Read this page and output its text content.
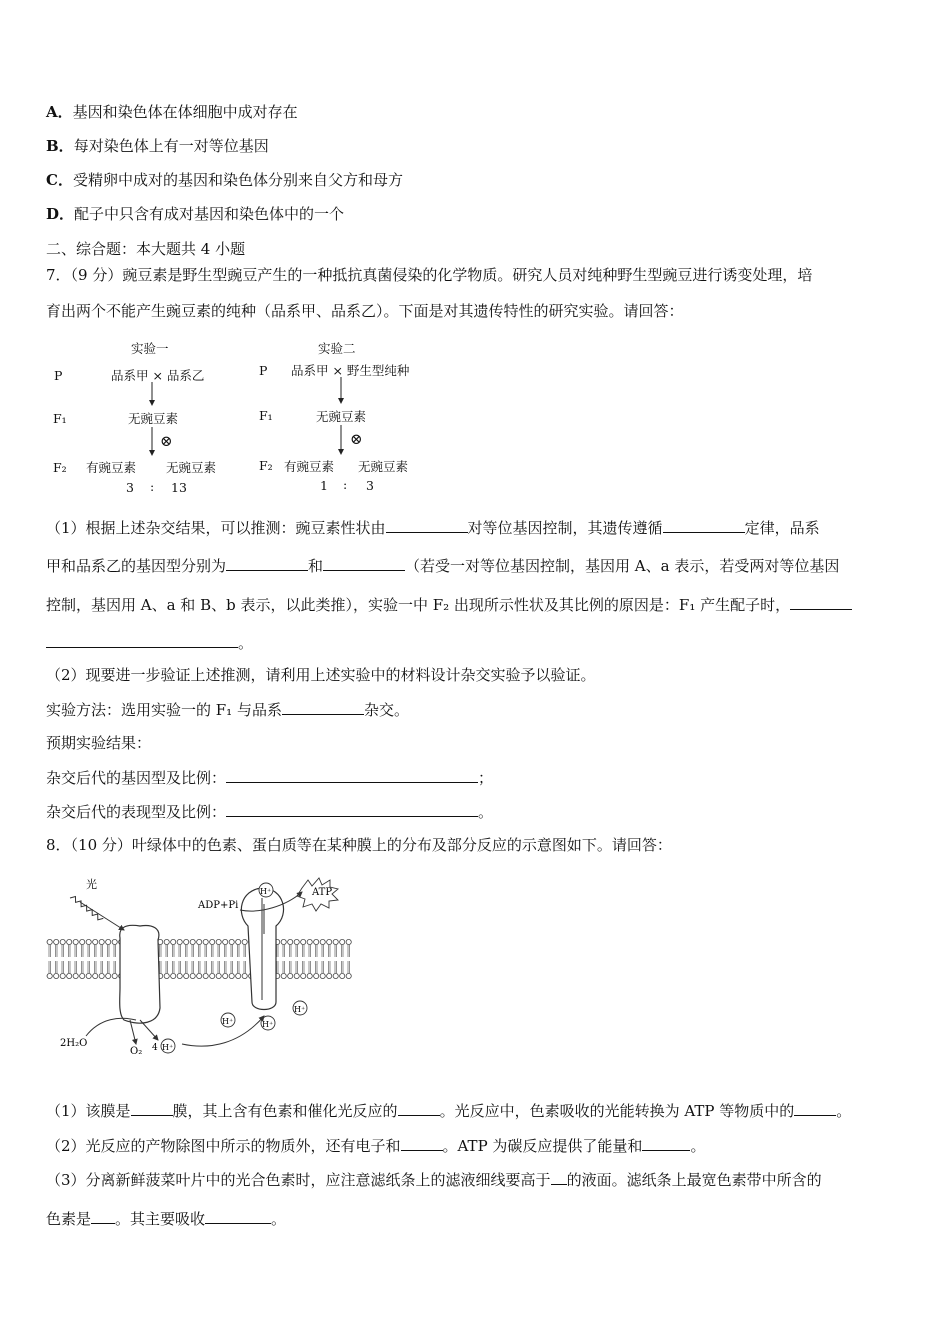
A．基因和染色体在体细胞中成对存在
B．每对染色体上有一对等位基因
C．受精卵中成对的基因和染色体分别来自父方和母方
D．配子中只含有成对基因和染色体中的一个
二、综合题：本大题共 4 小题
7．（9 分）豌豆素是野生型豌豆产生的一种抵抗真菌侵染的化学物质。研究人员对纯种野生型豌豆进行诱变处理，培
育出两个不能产生豌豆素的纯种（品系甲、品系乙）。下面是对其遗传特性的研究实验。请回答：
实验一
P	品系甲 × 品系乙
F₁	无豌豆素
⊗
F₂ 有豌豆素 无豌豆素
3 : 13
实验二
P 品系甲 × 野生型纯种
F₁	无豌豆素
⊗
F₂ 有豌豆素 无豌豆素
1 : 3
（1）根据上述杂交结果，可以推测：豌豆素性状由	对等位基因控制，其遗传遵循	定律，品系
甲和品系乙的基因型分别为	和	（若受一对等位基因控制，基因用 A、a 表示，若受两对等位基因
控制，基因用 A、a 和 B、b 表示，以此类推），实验一中 F₂ 出现所示性状及其比例的原因是：F₁ 产生配子时，
。
（2）现要进一步验证上述推测，请利用上述实验中的材料设计杂交实验予以验证。
实验方法：选用实验一的 F₁ 与品系	杂交。
预期实验结果：
杂交后代的基因型及比例：	；
杂交后代的表现型及比例：	。
8．（10 分）叶绿体中的色素、蛋白质等在某种膜上的分布及部分反应的示意图如下。请回答：
光
ADP+Pi
H⁺	ATP
H⁺	H⁺
H⁺
H⁺
4
2H₂O
O₂
（1）该膜是	膜，其上含有色素和催化光反应的	。光反应中，色素吸收的光能转换为 ATP 等物质中的	。
（2）光反应的产物除图中所示的物质外，还有电子和	。ATP 为碳反应提供了能量和	。
（3）分离新鲜菠菜叶片中的光合色素时，应注意滤纸条上的滤液细线要高于 的液面。滤纸条上最宽色素带中所含的
色素是 。其主要吸收	。
